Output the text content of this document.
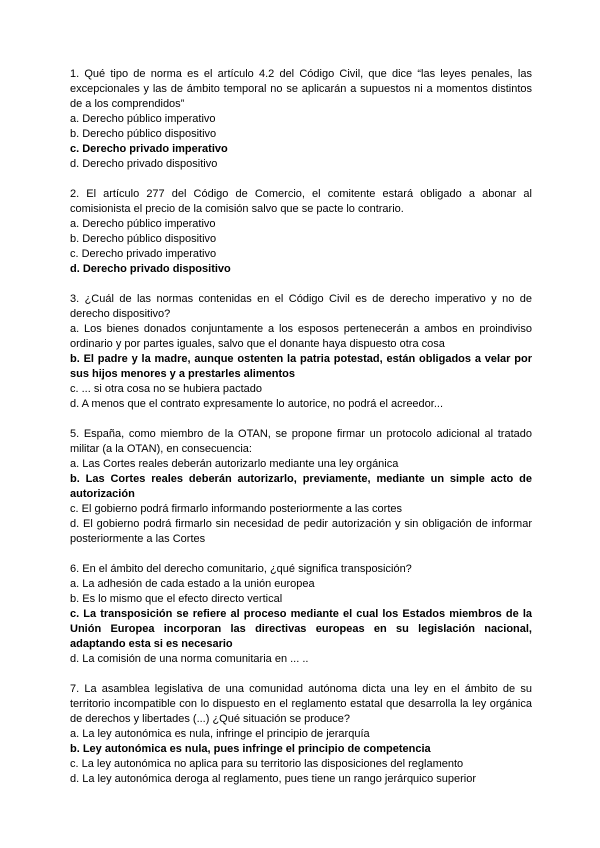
1. Qué tipo de norma es el artículo 4.2 del Código Civil, que dice “las leyes penales, las excepcionales y las de ámbito temporal no se aplicarán a supuestos ni a momentos distintos de a los comprendidos”

a. Derecho público imperativo

b. Derecho público dispositivo

c. Derecho privado imperativo

d. Derecho privado dispositivo

2. El artículo 277 del Código de Comercio, el comitente estará obligado a abonar al comisionista el precio de la comisión salvo que se pacte lo contrario.

a. Derecho público imperativo

b. Derecho público dispositivo

c. Derecho privado imperativo

d. Derecho privado dispositivo

3. ¿Cuál de las normas contenidas en el Código Civil es de derecho imperativo y no de derecho dispositivo?

a. Los bienes donados conjuntamente a los esposos pertenecerán a ambos en proindiviso ordinario y por partes iguales, salvo que el donante haya dispuesto otra cosa

b. El padre y la madre, aunque ostenten la patria potestad, están obligados a velar por sus hijos menores y a prestarles alimentos

c. ... si otra cosa no se hubiera pactado

d. A menos que el contrato expresamente lo autorice, no podrá el acreedor...

5. España, como miembro de la OTAN, se propone firmar un protocolo adicional al tratado militar (a la OTAN), en consecuencia:

a. Las Cortes reales deberán autorizarlo mediante una ley orgánica

b. Las Cortes reales deberán autorizarlo, previamente, mediante un simple acto de autorización

c. El gobierno podrá firmarlo informando posteriormente a las cortes

d. El gobierno podrá firmarlo sin necesidad de pedir autorización y sin obligación de informar posteriormente a las Cortes

6. En el ámbito del derecho comunitario, ¿qué significa transposición?

a. La adhesión de cada estado a la unión europea

b. Es lo mismo que el efecto directo vertical

c. La transposición se refiere al proceso mediante el cual los Estados miembros de la Unión Europea incorporan las directivas europeas en su legislación nacional, adaptando esta si es necesario

d. La comisión de una norma comunitaria en ... ..

7. La asamblea legislativa de una comunidad autónoma dicta una ley en el ámbito de su territorio incompatible con lo dispuesto en el reglamento estatal que desarrolla la ley orgánica de derechos y libertades (...) ¿Qué situación se produce?

a. La ley autonómica es nula, infringe el principio de jerarquía

b. Ley autonómica es nula, pues infringe el principio de competencia

c. La ley autonómica no aplica para su territorio las disposiciones del reglamento

d. La ley autonómica deroga al reglamento, pues tiene un rango jerárquico superior
